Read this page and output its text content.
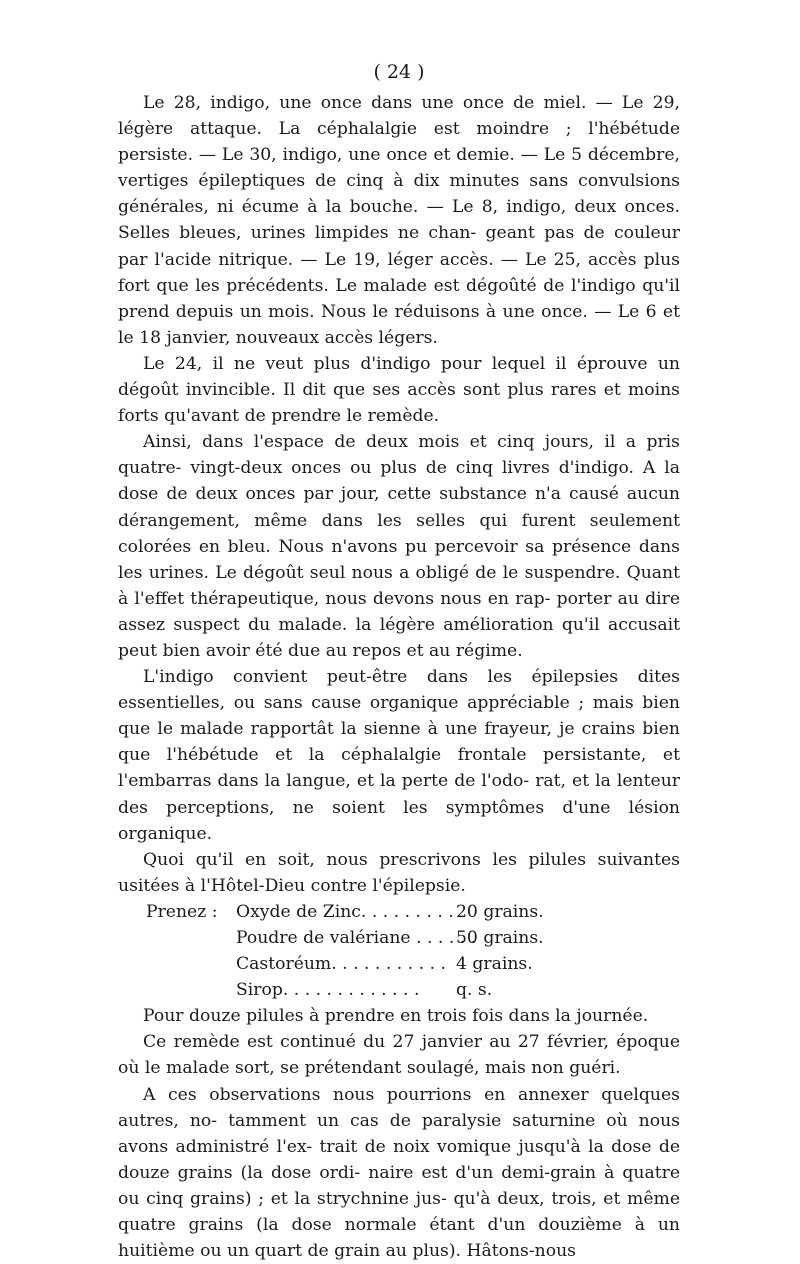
( 24 )
Le 28, indigo, une once dans une once de miel. — Le 29, légère attaque. La céphalalgie est moindre ; l'hébétude persiste. — Le 30, indigo, une once et demie. — Le 5 décembre, vertiges épileptiques de cinq à dix minutes sans convulsions générales, ni écume à la bouche. — Le 8, indigo, deux onces. Selles bleues, urines limpides ne chan- geant pas de couleur par l'acide nitrique. — Le 19, léger accès. — Le 25, accès plus fort que les précédents. Le malade est dégoûté de l'indigo qu'il prend depuis un mois. Nous le réduisons à une once. — Le 6 et le 18 janvier, nouveaux accès légers.
Le 24, il ne veut plus d'indigo pour lequel il éprouve un dégoût invincible. Il dit que ses accès sont plus rares et moins forts qu'avant de prendre le remède.
Ainsi, dans l'espace de deux mois et cinq jours, il a pris quatre- vingt-deux onces ou plus de cinq livres d'indigo. A la dose de deux onces par jour, cette substance n'a causé aucun dérangement, même dans les selles qui furent seulement colorées en bleu. Nous n'avons pu percevoir sa présence dans les urines. Le dégoût seul nous a obligé de le suspendre. Quant à l'effet thérapeutique, nous devons nous en rap- porter au dire assez suspect du malade. la légère amélioration qu'il accusait peut bien avoir été due au repos et au régime.
L'indigo convient peut-être dans les épilepsies dites essentielles, ou sans cause organique appréciable ; mais bien que le malade rapportât la sienne à une frayeur, je crains bien que l'hébétude et la céphalalgie frontale persistante, et l'embarras dans la langue, et la perte de l'odo- rat, et la lenteur des perceptions, ne soient les symptômes d'une lésion organique.
Quoi qu'il en soit, nous prescrivons les pilules suivantes usitées à l'Hôtel-Dieu contre l'épilepsie.
Prenez :	Oxyde de Zinc. . . . . . . . . 20 grains.
Poudre de valériane . . . . . .
50 grains.
Castoréum. . . . . . . . . . . 4 grains.
Sirop. . . . . . . . . . . . .	q. s.
Pour douze pilules à prendre en trois fois dans la journée.
Ce remède est continué du 27 janvier au 27 février, époque où le malade sort, se prétendant soulagé, mais non guéri.
A ces observations nous pourrions en annexer quelques autres, no- tamment un cas de paralysie saturnine où nous avons administré l'ex- trait de noix vomique jusqu'à la dose de douze grains (la dose ordi- naire est d'un demi-grain à quatre ou cinq grains) ; et la strychnine jus- qu'à deux, trois, et même quatre grains (la dose normale étant d'un douzième à un huitième ou un quart de grain au plus). Hâtons-nous
